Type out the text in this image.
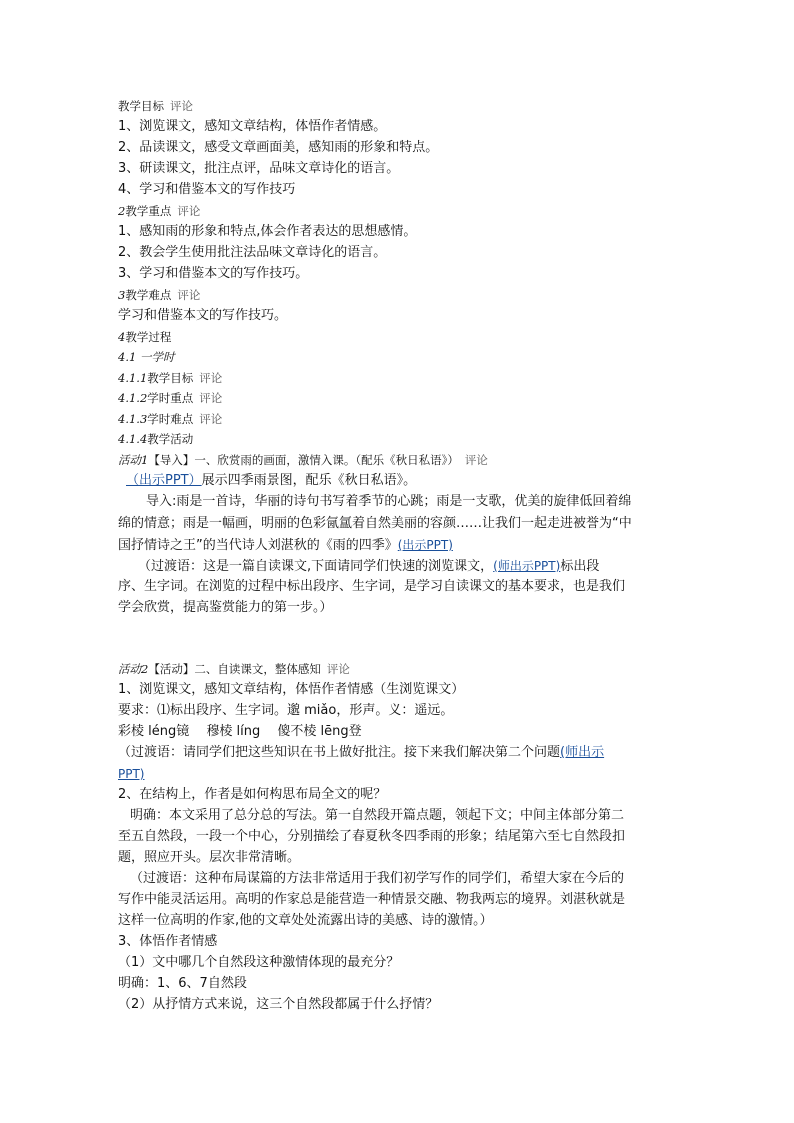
教学目标 评论
1、浏览课文，感知文章结构，体悟作者情感。
2、品读课文，感受文章画面美，感知雨的形象和特点。
3、研读课文，批注点评，品味文章诗化的语言。
4、学习和借鉴本文的写作技巧
2教学重点 评论
1、感知雨的形象和特点,体会作者表达的思想感情。
2、教会学生使用批注法品味文章诗化的语言。
3、学习和借鉴本文的写作技巧。
3教学难点 评论
学习和借鉴本文的写作技巧。
4教学过程
4.1 一学时
4.1.1教学目标 评论
4.1.2学时重点 评论
4.1.3学时难点 评论
4.1.4教学活动
活动1【导入】一、欣赏雨的画面，激情入课。（配乐《秋日私语》） 评论
（出示PPT）展示四季雨景图，配乐《秋日私语》。
导入:雨是一首诗，华丽的诗句书写着季节的心跳；雨是一支歌，优美的旋律低回着绵
绵的情意；雨是一幅画，明丽的色彩氤氲着自然美丽的容颜……让我们一起走进被誉为“中
国抒情诗之王”的当代诗人刘湛秋的《雨的四季》(出示PPT)
（过渡语：这是一篇自读课文,下面请同学们快速的浏览课文，(师出示PPT)标出段
序、生字词。在浏览的过程中标出段序、生字词，是学习自读课文的基本要求，也是我们
学会欣赏，提高鉴赏能力的第一步。）
活动2【活动】二、自读课文，整体感知 评论
1、浏览课文，感知文章结构，体悟作者情感（生浏览课文）
要求：⑴标出段序、生字词。邈 miǎo，形声。义：遥远。
彩棱 léng镜　 穆棱 líng　 傻不棱 lēng登
（过渡语：请同学们把这些知识在书上做好批注。接下来我们解决第二个问题(师出示
PPT)
2、在结构上，作者是如何构思布局全文的呢？
明确：本文采用了总分总的写法。第一自然段开篇点题，领起下文；中间主体部分第二
至五自然段，一段一个中心，分别描绘了春夏秋冬四季雨的形象；结尾第六至七自然段扣
题，照应开头。层次非常清晰。
（过渡语：这种布局谋篇的方法非常适用于我们初学写作的同学们，希望大家在今后的
写作中能灵活运用。高明的作家总是能营造一种情景交融、物我两忘的境界。刘湛秋就是
这样一位高明的作家,他的文章处处流露出诗的美感、诗的激情。）
3、体悟作者情感
（1）文中哪几个自然段这种激情体现的最充分？
明确：1、6、7自然段
（2）从抒情方式来说，这三个自然段都属于什么抒情？
